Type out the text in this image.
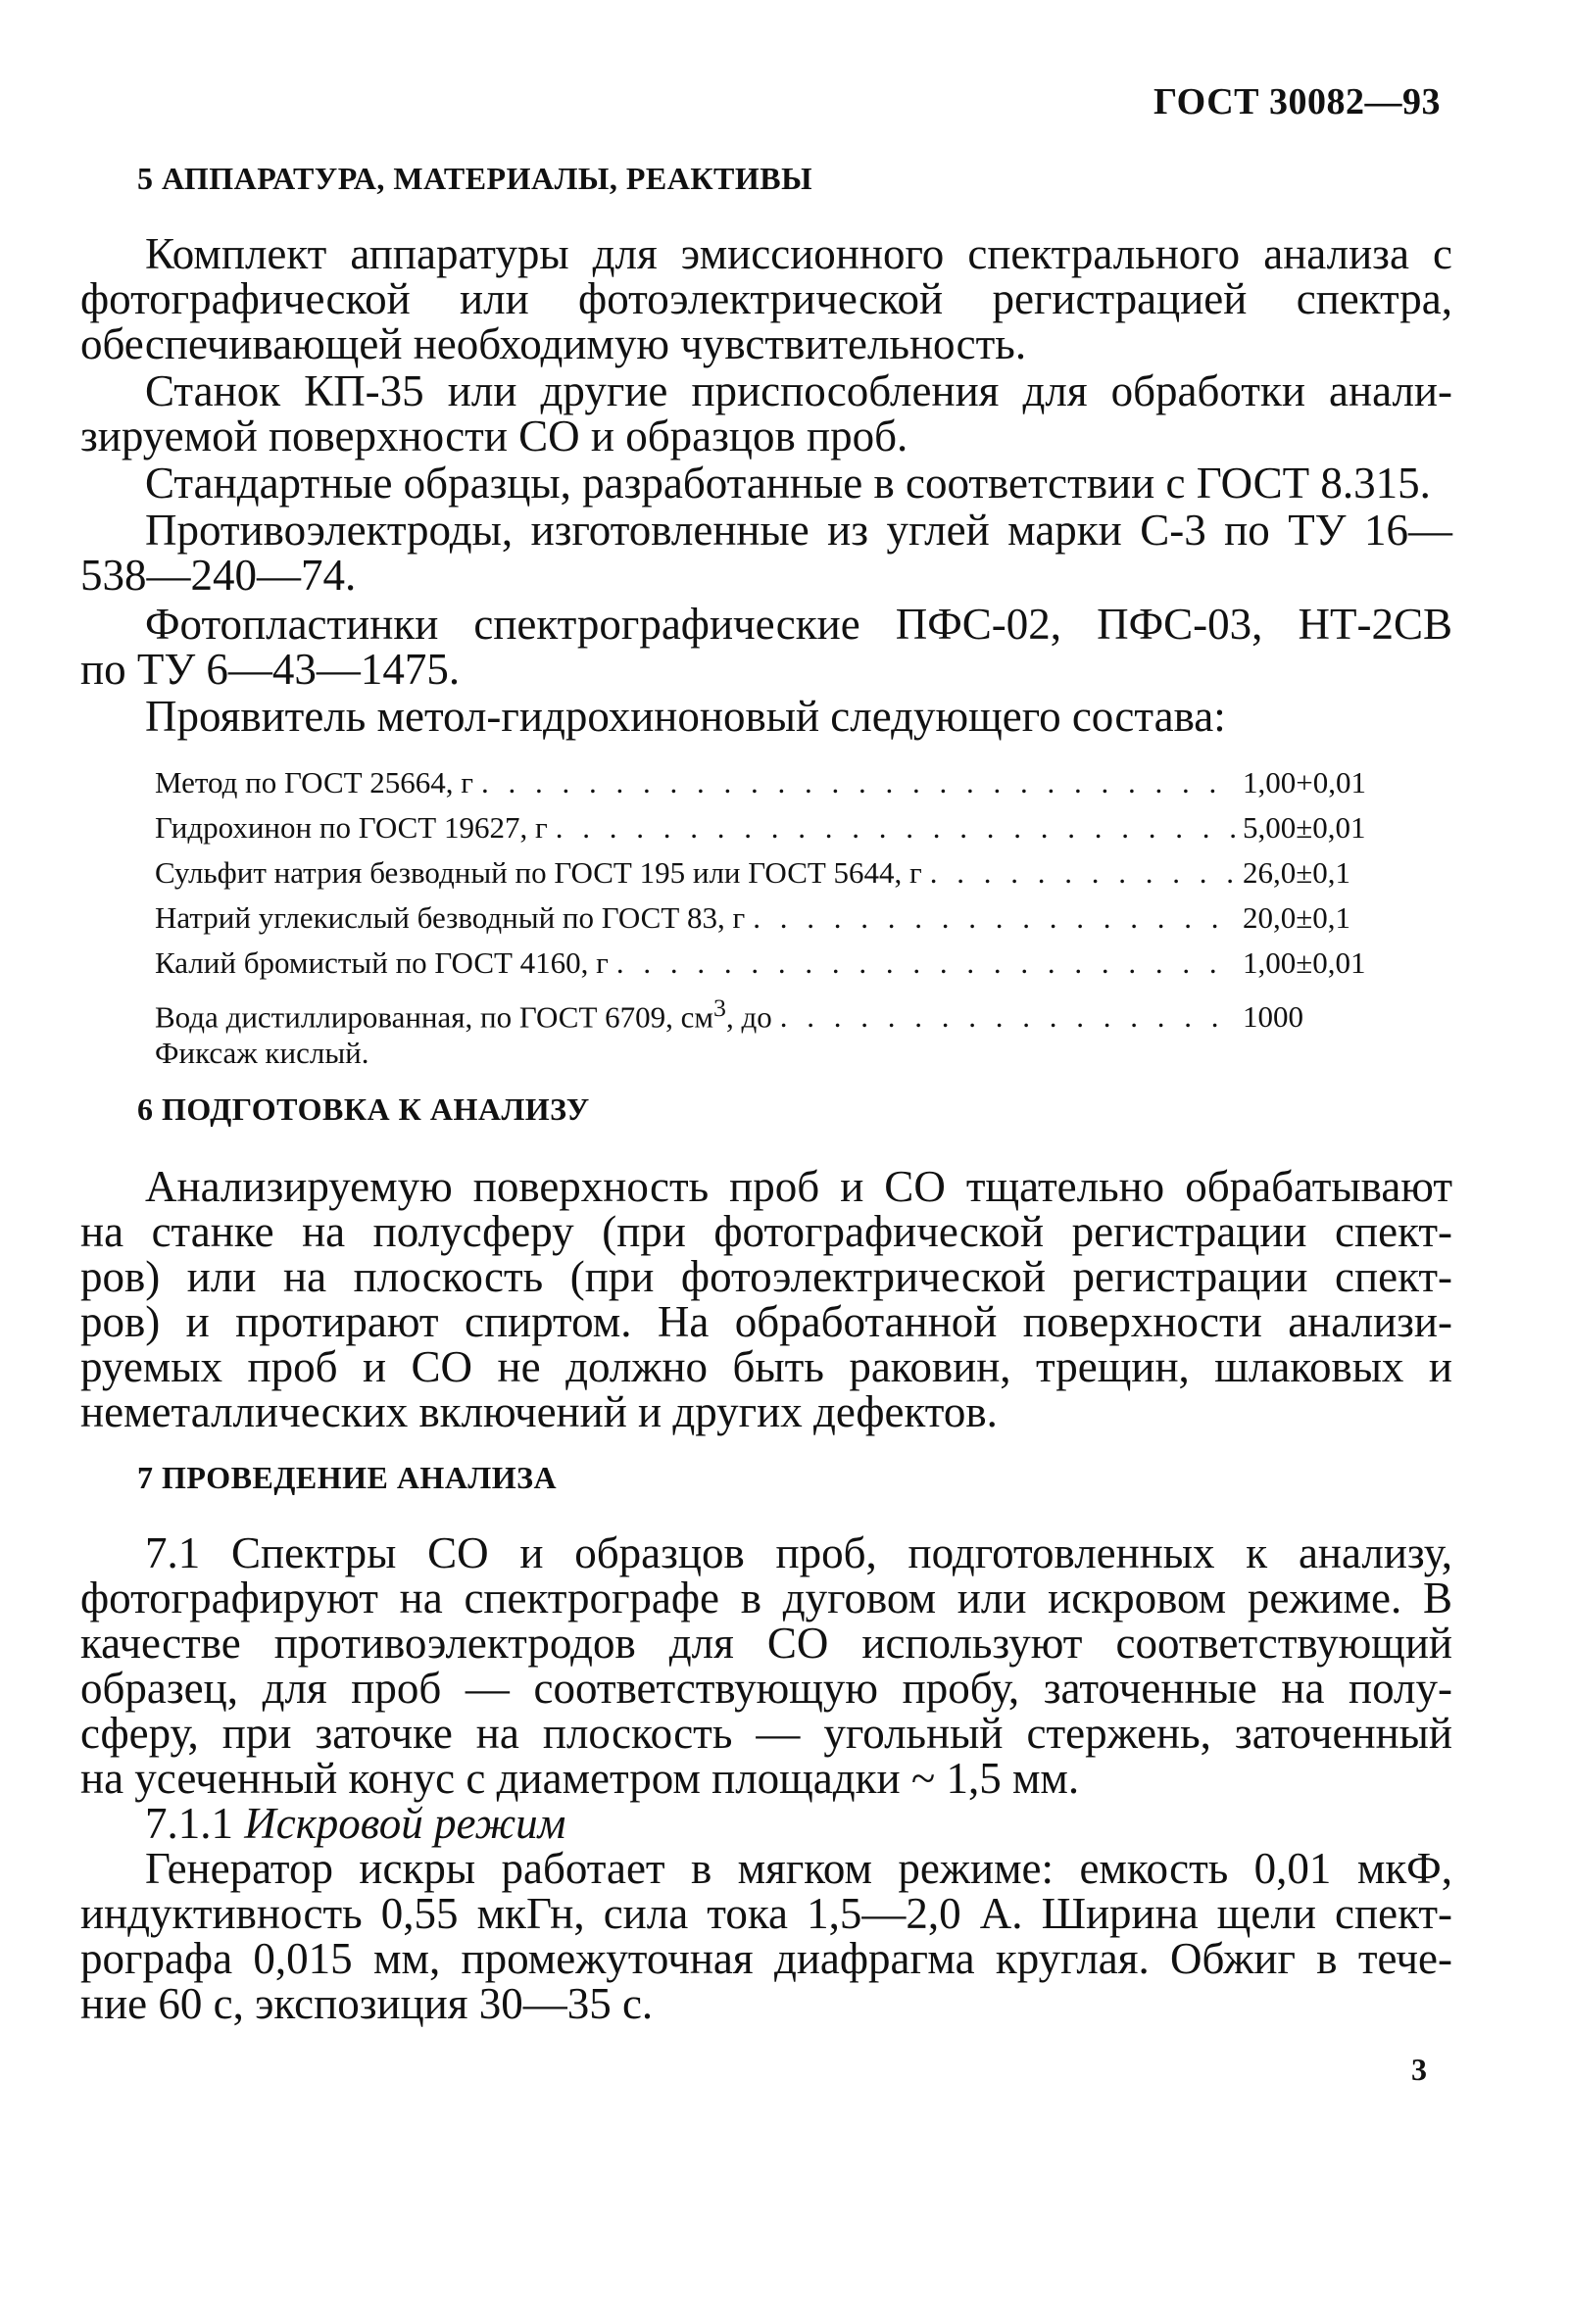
ГОСТ 30082—93
5 АППАРАТУРА, МАТЕРИАЛЫ, РЕАКТИВЫ
Комплект аппаратуры для эмиссионного спектрального анализа с
фотографической или фотоэлектрической регистрацией спектра,
обеспечивающей необходимую чувствительность.
Станок КП-35 или другие приспособления для обработки анали-
зируемой поверхности СО и образцов проб.
Стандартные образцы, разработанные в соответствии с ГОСТ 8.315.
Противоэлектроды, изготовленные из углей марки С-3 по ТУ 16—
538—240—74.
Фотопластинки спектрографические ПФС-02, ПФС-03, НТ-2СВ
по ТУ 6—43—1475.
Проявитель метол-гидрохиноновый следующего состава:
Метод по ГОСТ 25664, г . . .	1,00+0,01
Гидрохинон по ГОСТ 19627, г . . .	5,00±0,01
Сульфит натрия безводный по ГОСТ 195 или ГОСТ 5644, г . . .	26,0±0,1
Натрий углекислый безводный по ГОСТ 83, г . . .	20,0±0,1
Калий бромистый по ГОСТ 4160, г . . .	1,00±0,01
Вода дистиллированная, по ГОСТ 6709, $см^3$, до . . .	1000
Фиксаж кислый.
6 ПОДГОТОВКА К АНАЛИЗУ
Анализируемую поверхность проб и СО тщательно обрабатывают
на станке на полусферу (при фотографической регистрации спект-
ров) или на плоскость (при фотоэлектрической регистрации спект-
ров) и протирают спиртом. На обработанной поверхности анализи-
руемых проб и СО не должно быть раковин, трещин, шлаковых и
неметаллических включений и других дефектов.
7 ПРОВЕДЕНИЕ АНАЛИЗА
7.1 Спектры СО и образцов проб, подготовленных к анализу,
фотографируют на спектрографе в дуговом или искровом режиме. В
качестве противоэлектродов для СО используют соответствующий
образец, для проб — соответствующую пробу, заточенные на полу-
сферу, при заточке на плоскость — угольный стержень, заточенный
на усеченный конус с диаметром площадки ~ 1,5 мм.
7.1.1 Искровой режим
Генератор искры работает в мягком режиме: емкость 0,01 мкФ,
индуктивность 0,55 мкГн, сила тока 1,5—2,0 А. Ширина щели спект-
рографа 0,015 мм, промежуточная диафрагма круглая. Обжиг в тече-
ние 60 с, экспозиция 30—35 с.
3
